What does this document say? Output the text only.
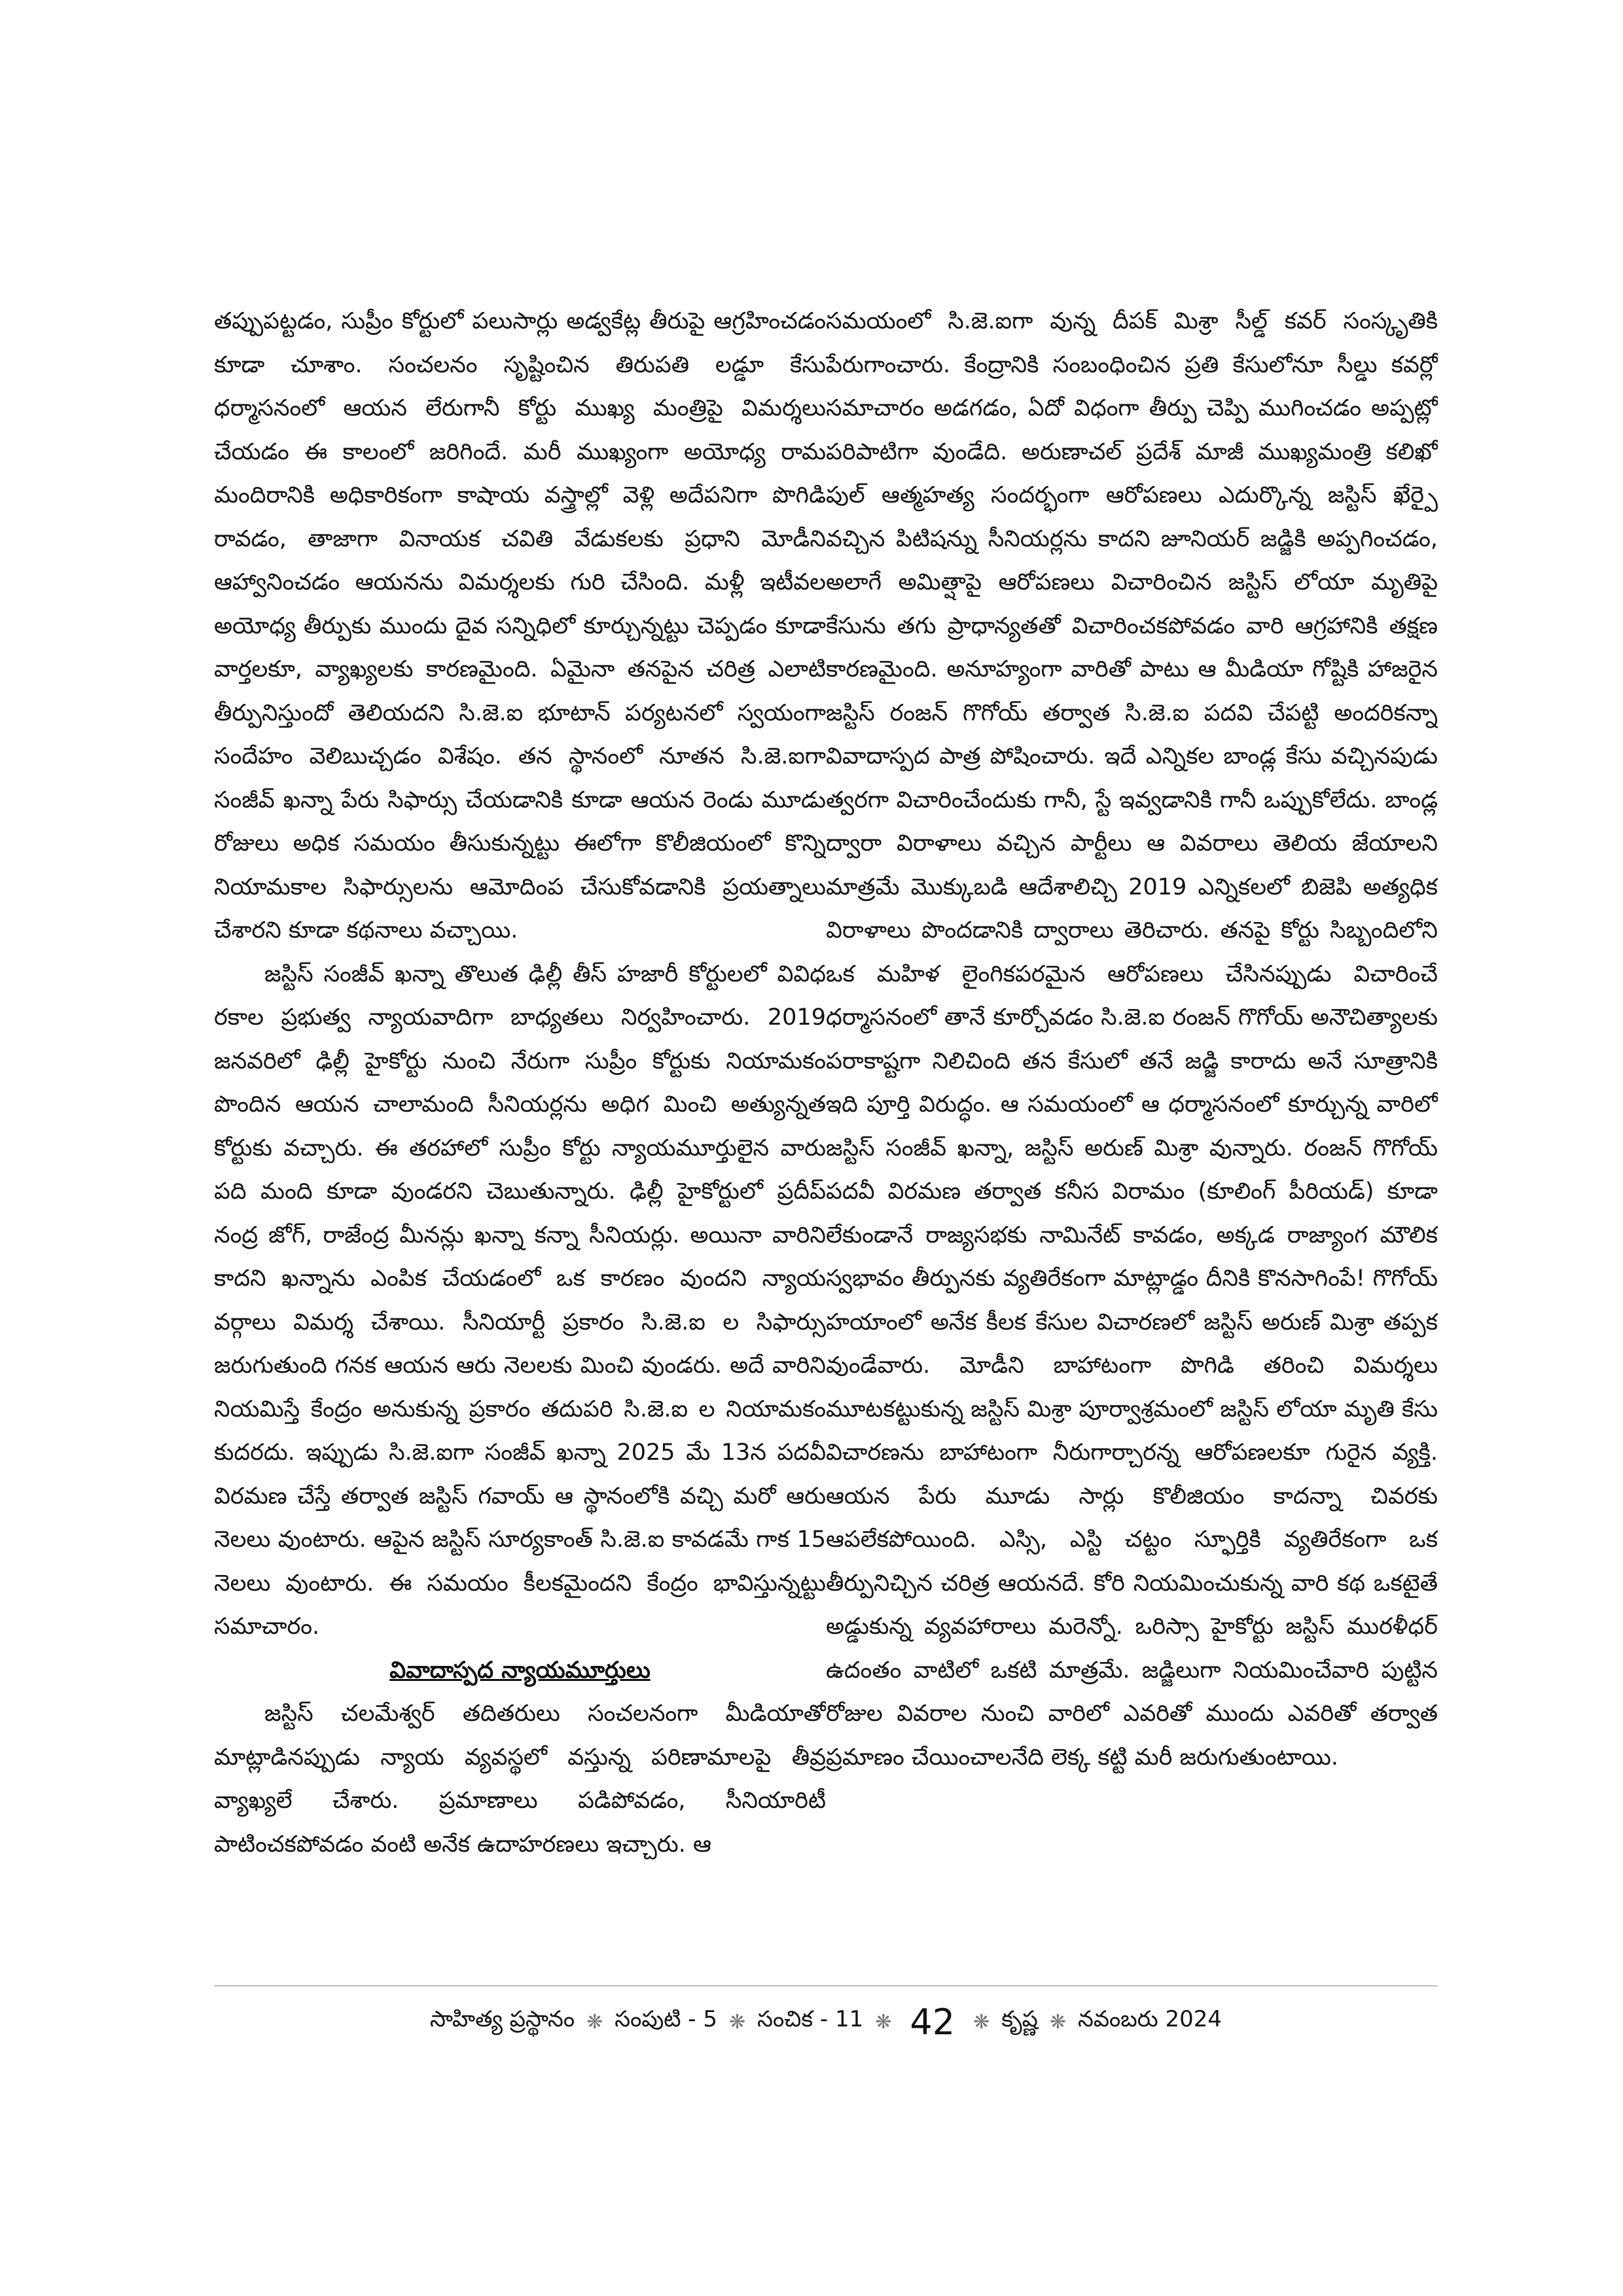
తప్పుపట్టడం, సుప్రీం కోర్టులో పలుసార్లు అడ్వకేట్ల తీరుపై ఆగ్రహించడం కూడా చూశాం. సంచలనం సృష్టించిన తిరుపతి లడ్డూ కేసు ధర్మాసనంలో ఆయన లేరుగానీ కోర్టు ముఖ్య మంత్రిపై విమర్శలు చేయడం ఈ కాలంలో జరిగిందే. మరీ ముఖ్యంగా అయోధ్య రామ మందిరానికి అధికారికంగా కాషాయ వస్త్రాల్లో వెళ్లి అదేపనిగా పొగిడి రావడం, తాజాగా వినాయక చవితి వేడుకలకు ప్రధాని మోడీని ఆహ్వానించడం ఆయనను విమర్శలకు గురి చేసింది. మళ్లీ ఇటీవల అయోధ్య తీర్పుకు ముందు దైవ సన్నిధిలో కూర్చున్నట్టు చెప్పడం కూడా వార్తలకూ, వ్యాఖ్యలకు కారణమైంది. ఏమైనా తనపైన చరిత్ర ఎలాటి తీర్పునిస్తుందో తెలియదని సి.జె.ఐ భూటాన్ పర్యటనలో స్వయంగా సందేహం వెలిబుచ్చడం విశేషం. తన స్థానంలో నూతన సి.జె.ఐగా సంజీవ్ ఖన్నా పేరు సిఫార్సు చేయడానికి కూడా ఆయన రెండు మూడు రోజులు అధిక సమయం తీసుకున్నట్టు ఈలోగా కొలీజియంలో కొన్ని నియామకాల సిఫార్సులను ఆమోదింప చేసుకోవడానికి ప్రయత్నాలు చేశారని కూడా కథనాలు వచ్చాయి.

జస్టిస్ సంజీవ్ ఖన్నా తొలుత ఢిల్లీ తీస్ హజారీ కోర్టులలో వివిధ రకాల ప్రభుత్వ న్యాయవాదిగా బాధ్యతలు నిర్వహించారు. 2019 జనవరిలో ఢిల్లీ హైకోర్టు నుంచి నేరుగా సుప్రీం కోర్టుకు నియామకం పొందిన ఆయన చాలామంది సీనియర్లను అధిగ మించి అత్యున్నత కోర్టుకు వచ్చారు. ఈ తరహాలో సుప్రీం కోర్టు న్యాయమూర్తులైన వారు పది మంది కూడా వుండరని చెబుతున్నారు. ఢిల్లీ హైకోర్టులో ప్రదీప్ నంద్ర జోగ్, రాజేంద్ర మీనన్లు ఖన్నా కన్నా సీనియర్లు. అయినా వారిని కాదని ఖన్నాను ఎంపిక చేయడంలో ఒక కారణం వుందని న్యాయ వర్గాలు విమర్శ చేశాయి. సీనియార్టీ ప్రకారం సి.జె.ఐ ల సిఫార్సు జరుగుతుంది గనక ఆయన ఆరు నెలలకు మించి వుండరు. అదే వారిని నియమిస్తే కేంద్రం అనుకున్న ప్రకారం తదుపరి సి.జె.ఐ ల నియామకం కుదరదు. ఇప్పుడు సి.జె.ఐగా సంజీవ్ ఖన్నా 2025 మే 13న పదవీ విరమణ చేస్తే తర్వాత జస్టిస్ గవాయ్ ఆ స్థానంలోకి వచ్చి మరో ఆరు నెలలు వుంటారు. ఆపైన జస్టిస్ సూర్యకాంత్ సి.జె.ఐ కావడమే గాక 15 నెలలు వుంటారు. ఈ సమయం కీలకమైందని కేంద్రం భావిస్తున్నట్టు సమాచారం.

వివాదాస్పద న్యాయమూర్తులు

జస్టిస్ చలమేశ్వర్ తదితరులు సంచలనంగా మీడియాతో మాట్లాడినప్పుడు న్యాయ వ్యవస్థలో వస్తున్న పరిణామాలపై తీవ్ర వ్యాఖ్యలే చేశారు. ప్రమాణాలు పడిపోవడం, సీనియారిటీ పాటించకపోవడం వంటి అనేక ఉదాహరణలు ఇచ్చారు. ఆ

సమయంలో సి.జె.ఐగా వున్న దీపక్ మిశ్రా సీల్డ్ కవర్ సంస్కృతికి పేరుగాంచారు. కేంద్రానికి సంబంధించిన ప్రతి కేసులోనూ సీల్డు కవర్లో సమాచారం అడగడం, ఏదో విధంగా తీర్పు చెప్పి ముగించడం అప్పట్లో పరిపాటిగా వుండేది. అరుణాచల్ ప్రదేశ్ మాజీ ముఖ్యమంత్రి కలిఖో పుల్ ఆత్మహత్య సందర్భంగా ఆరోపణలు ఎదుర్కొన్న జస్టిస్ ఖేర్పై వచ్చిన పిటిషన్ను సీనియర్లను కాదని జూనియర్ జడ్జికి అప్పగించడం, అలాగే అమిత్షాపై ఆరోపణలు విచారించిన జస్టిస్ లోయా మృతిపై కేసును తగు ప్రాధాన్యతతో విచారించకపోవడం వారి ఆగ్రహానికి తక్షణ కారణమైంది. అనూహ్యంగా వారితో పాటు ఆ మీడియా గోష్టికి హాజరైన జస్టిస్ రంజన్ గొగోయ్ తర్వాత సి.జె.ఐ పదవి చేపట్టి అందరికన్నా వివాదాస్పద పాత్ర పోషించారు. ఇదే ఎన్నికల బాండ్ల కేసు వచ్చినపుడు త్వరగా విచారించేందుకు గానీ, స్టే ఇవ్వడానికి గానీ ఒప్పుకోలేదు. బాండ్ల ద్వారా విరాళాలు వచ్చిన పార్టీలు ఆ వివరాలు తెలియ జేయాలని మాత్రమే మొక్కుబడి ఆదేశాలిచ్చి 2019 ఎన్నికలలో బిజెపి అత్యధిక విరాళాలు పొందడానికి ద్వారాలు తెరిచారు. తనపై కోర్టు సిబ్బందిలోని ఒక మహిళ లైంగికపరమైన ఆరోపణలు చేసినప్పుడు విచారించే ధర్మాసనంలో తానే కూర్చోవడం సి.జె.ఐ రంజన్ గొగోయ్ అనౌచిత్యాలకు పరాకాష్టగా నిలిచింది తన కేసులో తనే జడ్జి కారాదు అనే సూత్రానికి ఇది పూర్తి విరుద్ధం. ఆ సమయంలో ఆ ధర్మాసనంలో కూర్చున్న వారిలో జస్టిస్ సంజీవ్ ఖన్నా, జస్టిస్ అరుణ్ మిశ్రా వున్నారు. రంజన్ గొగోయ్ పదవీ విరమణ తర్వాత కనీస విరామం (కూలింగ్ పీరియడ్) కూడా లేకుండానే రాజ్యసభకు నామినేట్ కావడం, అక్కడ రాజ్యాంగ మౌలిక స్వభావం తీర్పునకు వ్యతిరేకంగా మాట్లాడ్డం దీనికి కొనసాగింపే! గొగోయ్ హయాంలో అనేక కీలక కేసుల విచారణలో జస్టిస్ అరుణ్ మిశ్రా తప్పక వుండేవారు. మోడీని బాహాటంగా పొగిడి తరించి విమర్శలు మూటకట్టుకున్న జస్టిస్ మిశ్రా పూర్వాశ్రమంలో జస్టిస్ లోయా మృతి కేసు విచారణను బాహాటంగా నీరుగార్చారన్న ఆరోపణలకూ గురైన వ్యక్తి. ఆయన పేరు మూడు సార్లు కొలీజియం కాదన్నా చివరకు ఆపలేకపోయింది. ఎస్సి, ఎస్టి చట్టం స్ఫూర్తికి వ్యతిరేకంగా ఒక తీర్పునిచ్చిన చరిత్ర ఆయనదే. కోరి నియమించుకున్న వారి కథ ఒకటైతే అడ్డుకున్న వ్యవహారాలు మరెన్నో. ఒరిస్సా హైకోర్టు జస్టిస్ మురళీధర్ ఉదంతం వాటిలో ఒకటి మాత్రమే. జడ్జిలుగా నియమించేవారి పుట్టిన రోజుల వివరాల నుంచి వారిలో ఎవరితో ముందు ఎవరితో తర్వాత ప్రమాణం చేయించాలనేది లెక్క కట్టి మరీ జరుగుతుంటాయి.

సాహిత్య ప్రస్థానం ❋ సంపుటి - 5 ❋ సంచిక - 11 ❋ 42 ❋ కృష్ణ ❋ నవంబరు 2024
